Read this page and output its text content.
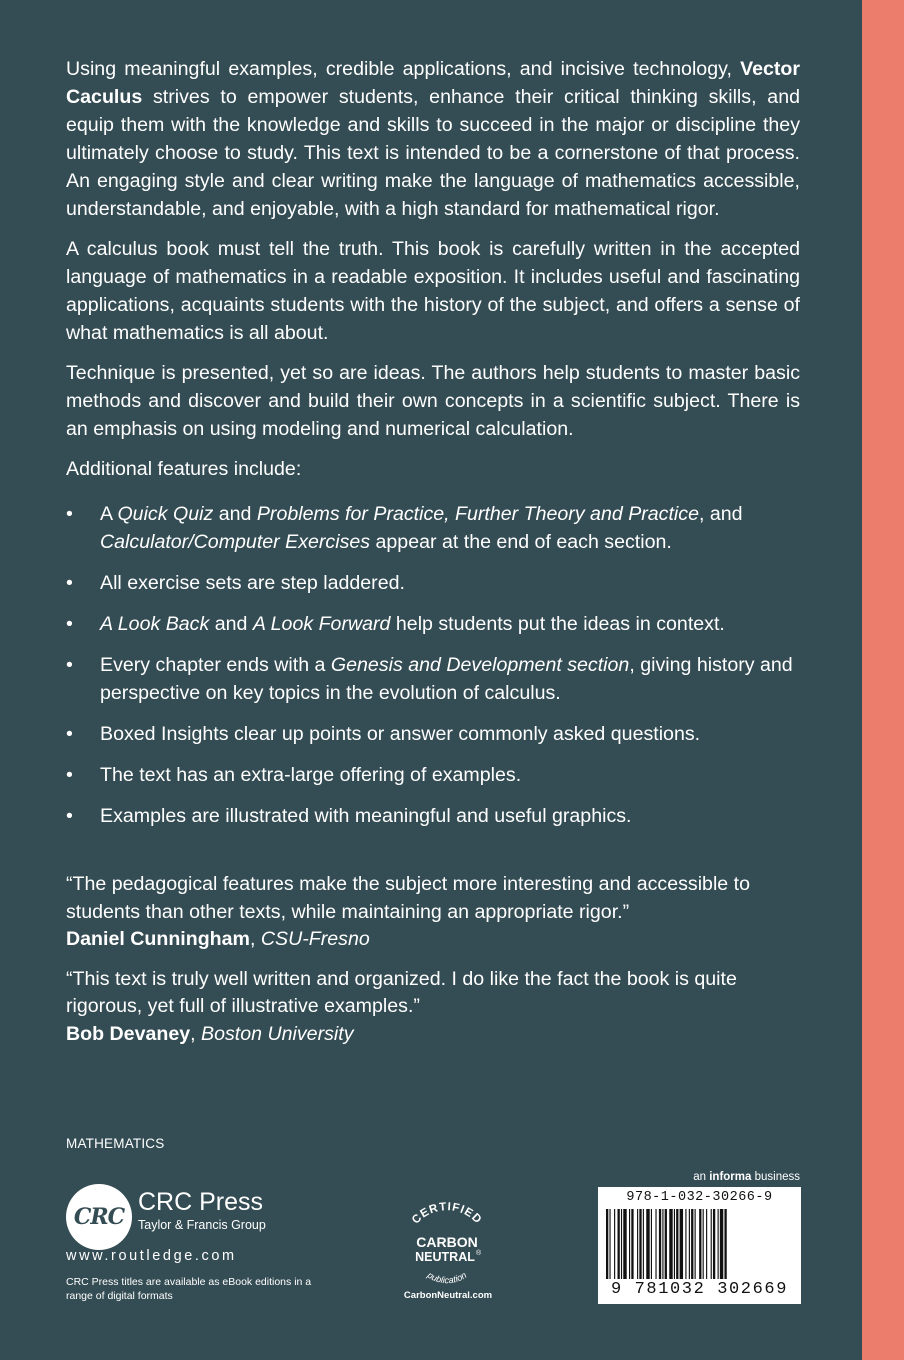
Using meaningful examples, credible applications, and incisive technology, Vector Caculus strives to empower students, enhance their critical thinking skills, and equip them with the knowledge and skills to succeed in the major or discipline they ultimately choose to study. This text is intended to be a cornerstone of that process. An engaging style and clear writing make the language of mathematics accessible, understandable, and enjoyable, with a high standard for mathematical rigor.

A calculus book must tell the truth. This book is carefully written in the accepted language of mathematics in a readable exposition. It includes useful and fascinating applications, acquaints students with the history of the subject, and offers a sense of what mathematics is all about.

Technique is presented, yet so are ideas. The authors help students to master basic methods and discover and build their own concepts in a scientific subject. There is an emphasis on using modeling and numerical calculation.

Additional features include:

• A Quick Quiz and Problems for Practice, Further Theory and Practice, and Calculator/Computer Exercises appear at the end of each section.
• All exercise sets are step laddered.
• A Look Back and A Look Forward help students put the ideas in context.
• Every chapter ends with a Genesis and Development section, giving history and perspective on key topics in the evolution of calculus.
• Boxed Insights clear up points or answer commonly asked questions.
• The text has an extra-large offering of examples.
• Examples are illustrated with meaningful and useful graphics.
“The pedagogical features make the subject more interesting and accessible to students than other texts, while maintaining an appropriate rigor.”
Daniel Cunningham, CSU-Fresno
“This text is truly well written and organized. I do like the fact the book is quite rigorous, yet full of illustrative examples.”
Bob Devaney, Boston University
MATHEMATICS
CRC
CRC Press
Taylor & Francis Group
www.routledge.com
CRC Press titles are available as eBook editions in a range of digital formats
CERTIFIED
CARBON
NEUTRAL ®
publication
CarbonNeutral.com
an informa business
978-1-032-30266-9
9 781032 302669
